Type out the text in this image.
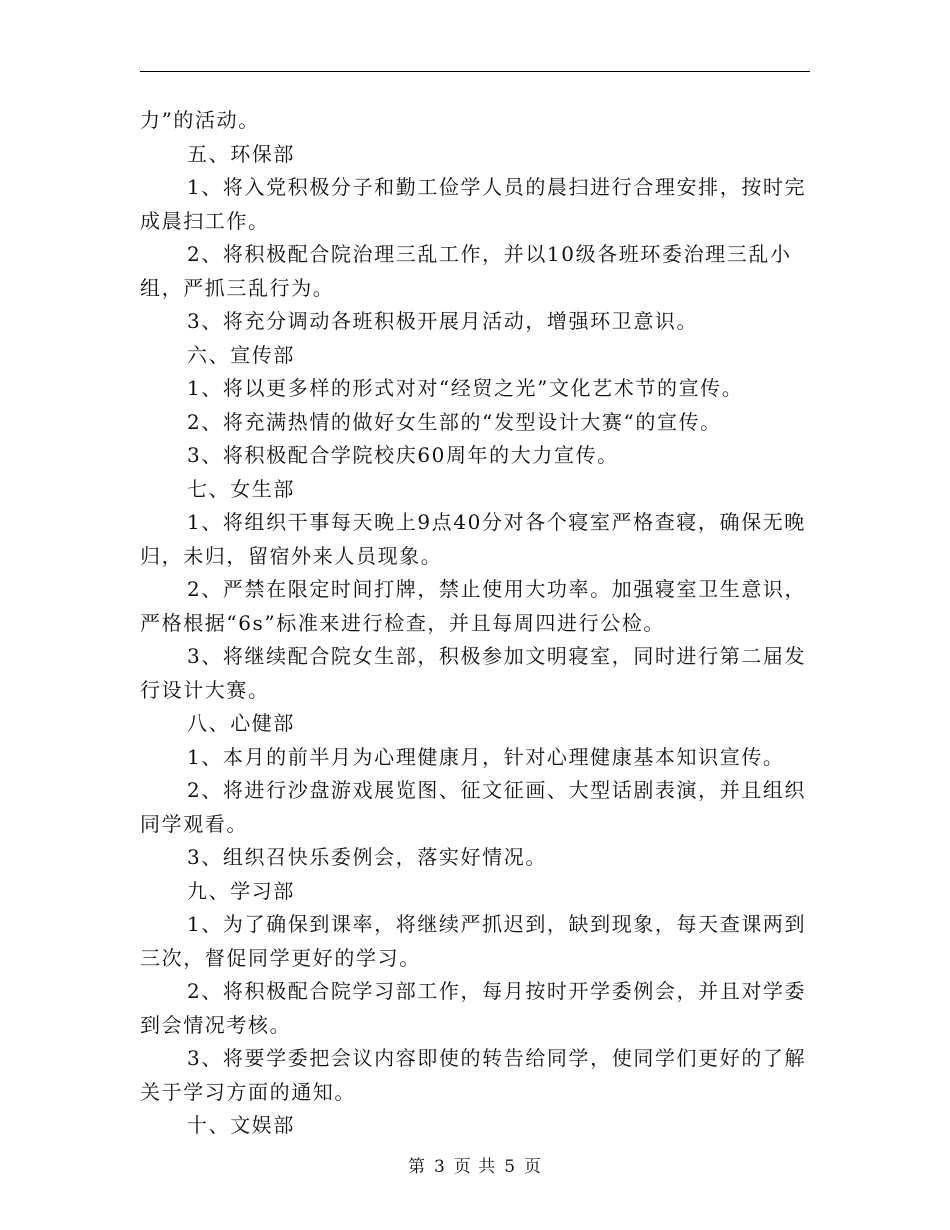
力”的活动。

五、环保部

1、将入党积极分子和勤工俭学人员的晨扫进行合理安排，按时完成晨扫工作。

2、将积极配合院治理三乱工作，并以10级各班环委治理三乱小组，严抓三乱行为。

3、将充分调动各班积极开展月活动，增强环卫意识。

六、宣传部

1、将以更多样的形式对对“经贸之光”文化艺术节的宣传。

2、将充满热情的做好女生部的“发型设计大赛“的宣传。

3、将积极配合学院校庆60周年的大力宣传。

七、女生部

1、将组织干事每天晚上9点40分对各个寝室严格查寝，确保无晚归，未归，留宿外来人员现象。

2、严禁在限定时间打牌，禁止使用大功率。加强寝室卫生意识，严格根据“6s”标准来进行检查，并且每周四进行公检。

3、将继续配合院女生部，积极参加文明寝室，同时进行第二届发行设计大赛。

八、心健部

1、本月的前半月为心理健康月，针对心理健康基本知识宣传。

2、将进行沙盘游戏展览图、征文征画、大型话剧表演，并且组织同学观看。

3、组织召快乐委例会，落实好情况。

九、学习部

1、为了确保到课率，将继续严抓迟到，缺到现象，每天查课两到三次，督促同学更好的学习。

2、将积极配合院学习部工作，每月按时开学委例会，并且对学委到会情况考核。

3、将要学委把会议内容即使的转告给同学，使同学们更好的了解关于学习方面的通知。

十、文娱部

第 3 页 共 5 页
